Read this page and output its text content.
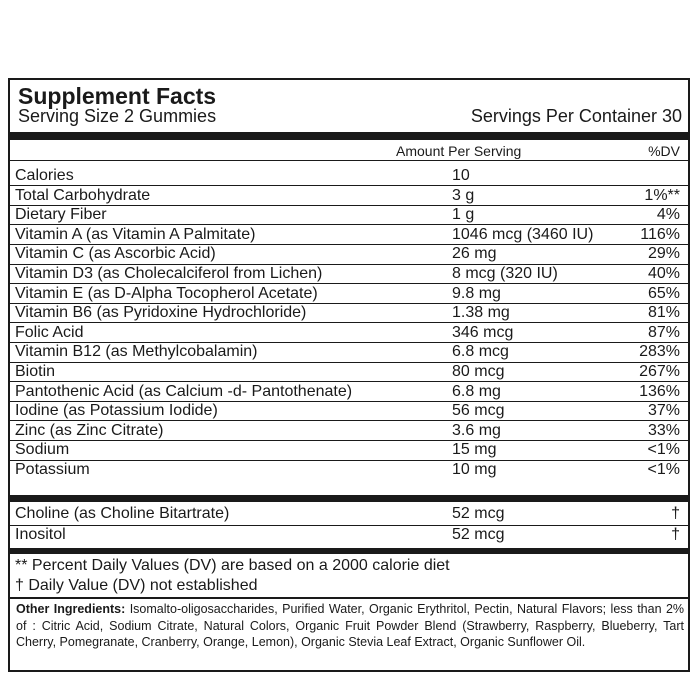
Supplement Facts
Serving Size 2 Gummies	Servings Per Container 30
Amount Per Serving	%DV
Calories	10
Total Carbohydrate	3 g	1%**
Dietary Fiber	1 g	4%
Vitamin A (as Vitamin A Palmitate)	1046 mcg (3460 IU)	116%
Vitamin C (as Ascorbic Acid)	26 mg	29%
Vitamin D3 (as Cholecalciferol from Lichen)	8 mcg (320 IU)	40%
Vitamin E (as D-Alpha Tocopherol Acetate)	9.8 mg	65%
Vitamin B6 (as Pyridoxine Hydrochloride)	1.38 mg	81%
Folic Acid	346 mcg	87%
Vitamin B12 (as Methylcobalamin)	6.8 mcg	283%
Biotin	80 mcg	267%
Pantothenic Acid (as Calcium -d- Pantothenate)	6.8 mg	136%
Iodine (as Potassium Iodide)	56 mcg	37%
Zinc (as Zinc Citrate)	3.6 mg	33%
Sodium	15 mg	<1%
Potassium	10 mg	<1%
Choline (as Choline Bitartrate)	52 mcg	†
Inositol	52 mcg	†
** Percent Daily Values (DV) are based on a 2000 calorie diet
† Daily Value (DV) not established
Other Ingredients: Isomalto-oligosaccharides, Purified Water, Organic Erythritol, Pectin, Natural Flavors; less than 2% of : Citric Acid, Sodium Citrate, Natural Colors, Organic Fruit Powder Blend (Strawberry, Raspberry, Blueberry, Tart Cherry, Pomegranate, Cranberry, Orange, Lemon), Organic Stevia Leaf Extract, Organic Sunflower Oil.
